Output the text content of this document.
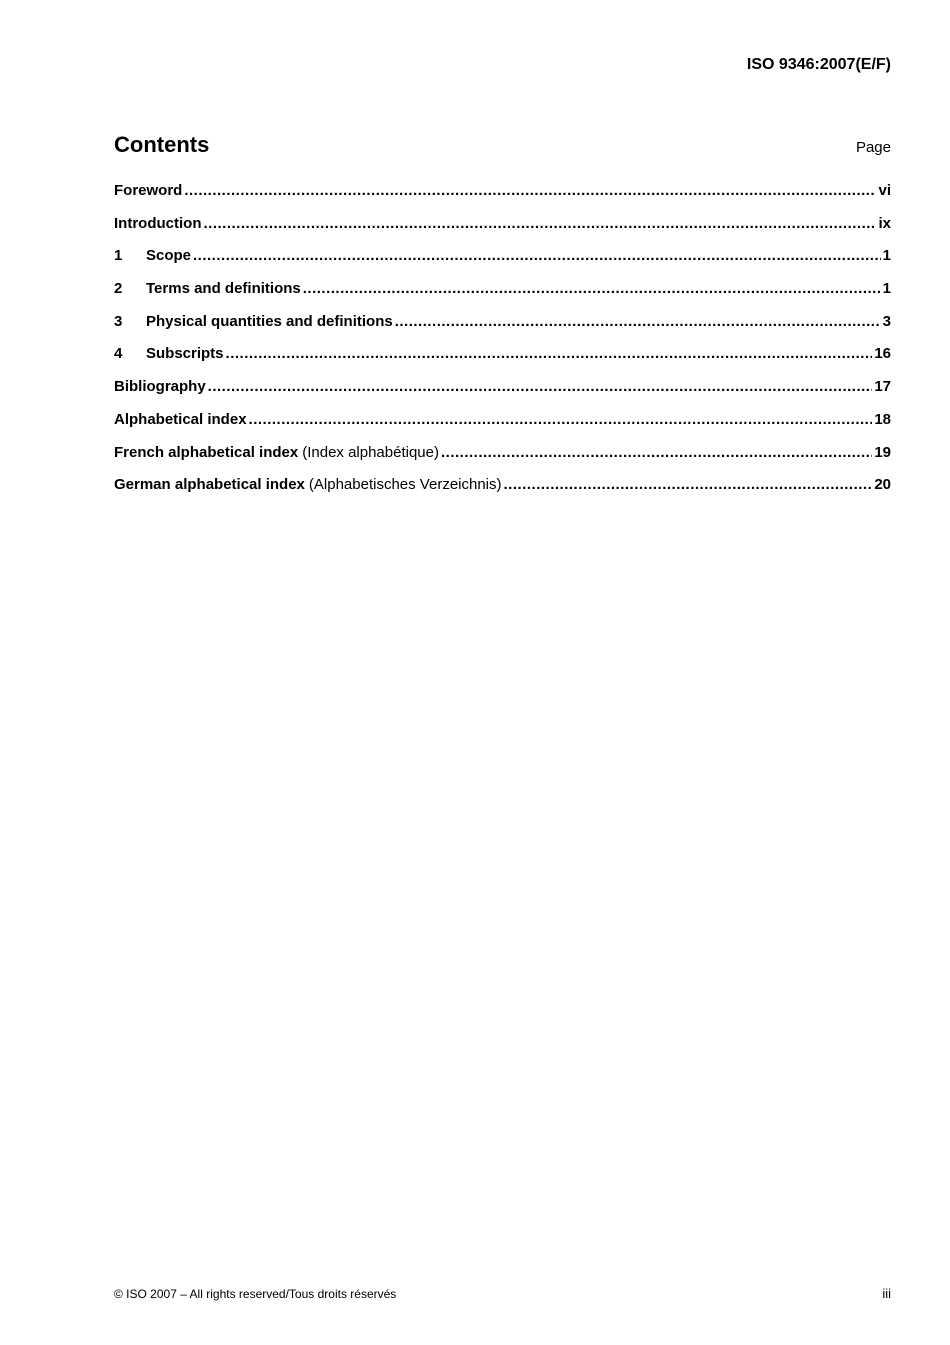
ISO 9346:2007(E/F)
Contents	Page
Foreword .....	vi
Introduction .....	ix
1	Scope .....	1
2	Terms and definitions .....	1
3	Physical quantities and definitions .....	3
4	Subscripts .....	16
Bibliography .....	17
Alphabetical index .....	18
French alphabetical index (Index alphabétique) .....	19
German alphabetical index (Alphabetisches Verzeichnis) .....	20
© ISO 2007 – All rights reserved/Tous droits réservés	iii
